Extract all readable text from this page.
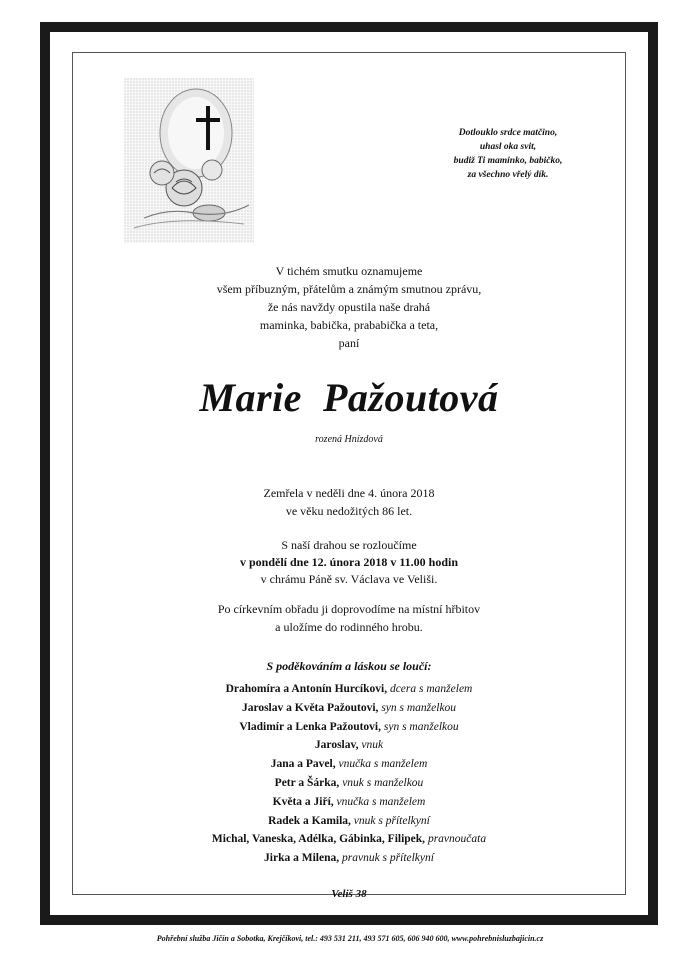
Dotlouklo srdce matčino,
uhasl oka svit,
budiž Ti maminko, babičko,
za všechno vřelý dík.
V tichém smutku oznamujeme
všem příbuzným, přátelům a známým smutnou zprávu,
že nás navždy opustila naše drahá
maminka, babička, prababička a teta,
paní
Marie  Pažoutová
rozená Hnízdová
Zemřela v neděli dne 4. února 2018
ve věku nedožitých 86 let.
S naší drahou se rozloučíme
v pondělí dne 12. února 2018 v 11.00 hodin
v chrámu Páně sv. Václava ve Veliši.
Po církevním obřadu ji doprovodíme na místní hřbitov
a uložíme do rodinného hrobu.
S poděkováním a láskou se loučí:
Drahomíra a Antonín Hurcíkovi, dcera s manželem
Jaroslav a Květa Pažoutovi, syn s manželkou
Vladimír a Lenka Pažoutovi, syn s manželkou
Jaroslav, vnuk
Jana a Pavel, vnučka s manželem
Petr a Šárka, vnuk s manželkou
Květa a Jiří, vnučka s manželem
Radek a Kamila, vnuk s přítelkyní
Michal, Vaneska, Adélka, Gábinka, Filipek, pravnoučata
Jirka a Milena, pravnuk s přítelkyní
Veliš 38
Pohřební služba Jičín a Sobotka, Krejčíkovi, tel.: 493 531 211, 493 571 605, 606 940 600, www.pohrebnisluzbajicin.cz
